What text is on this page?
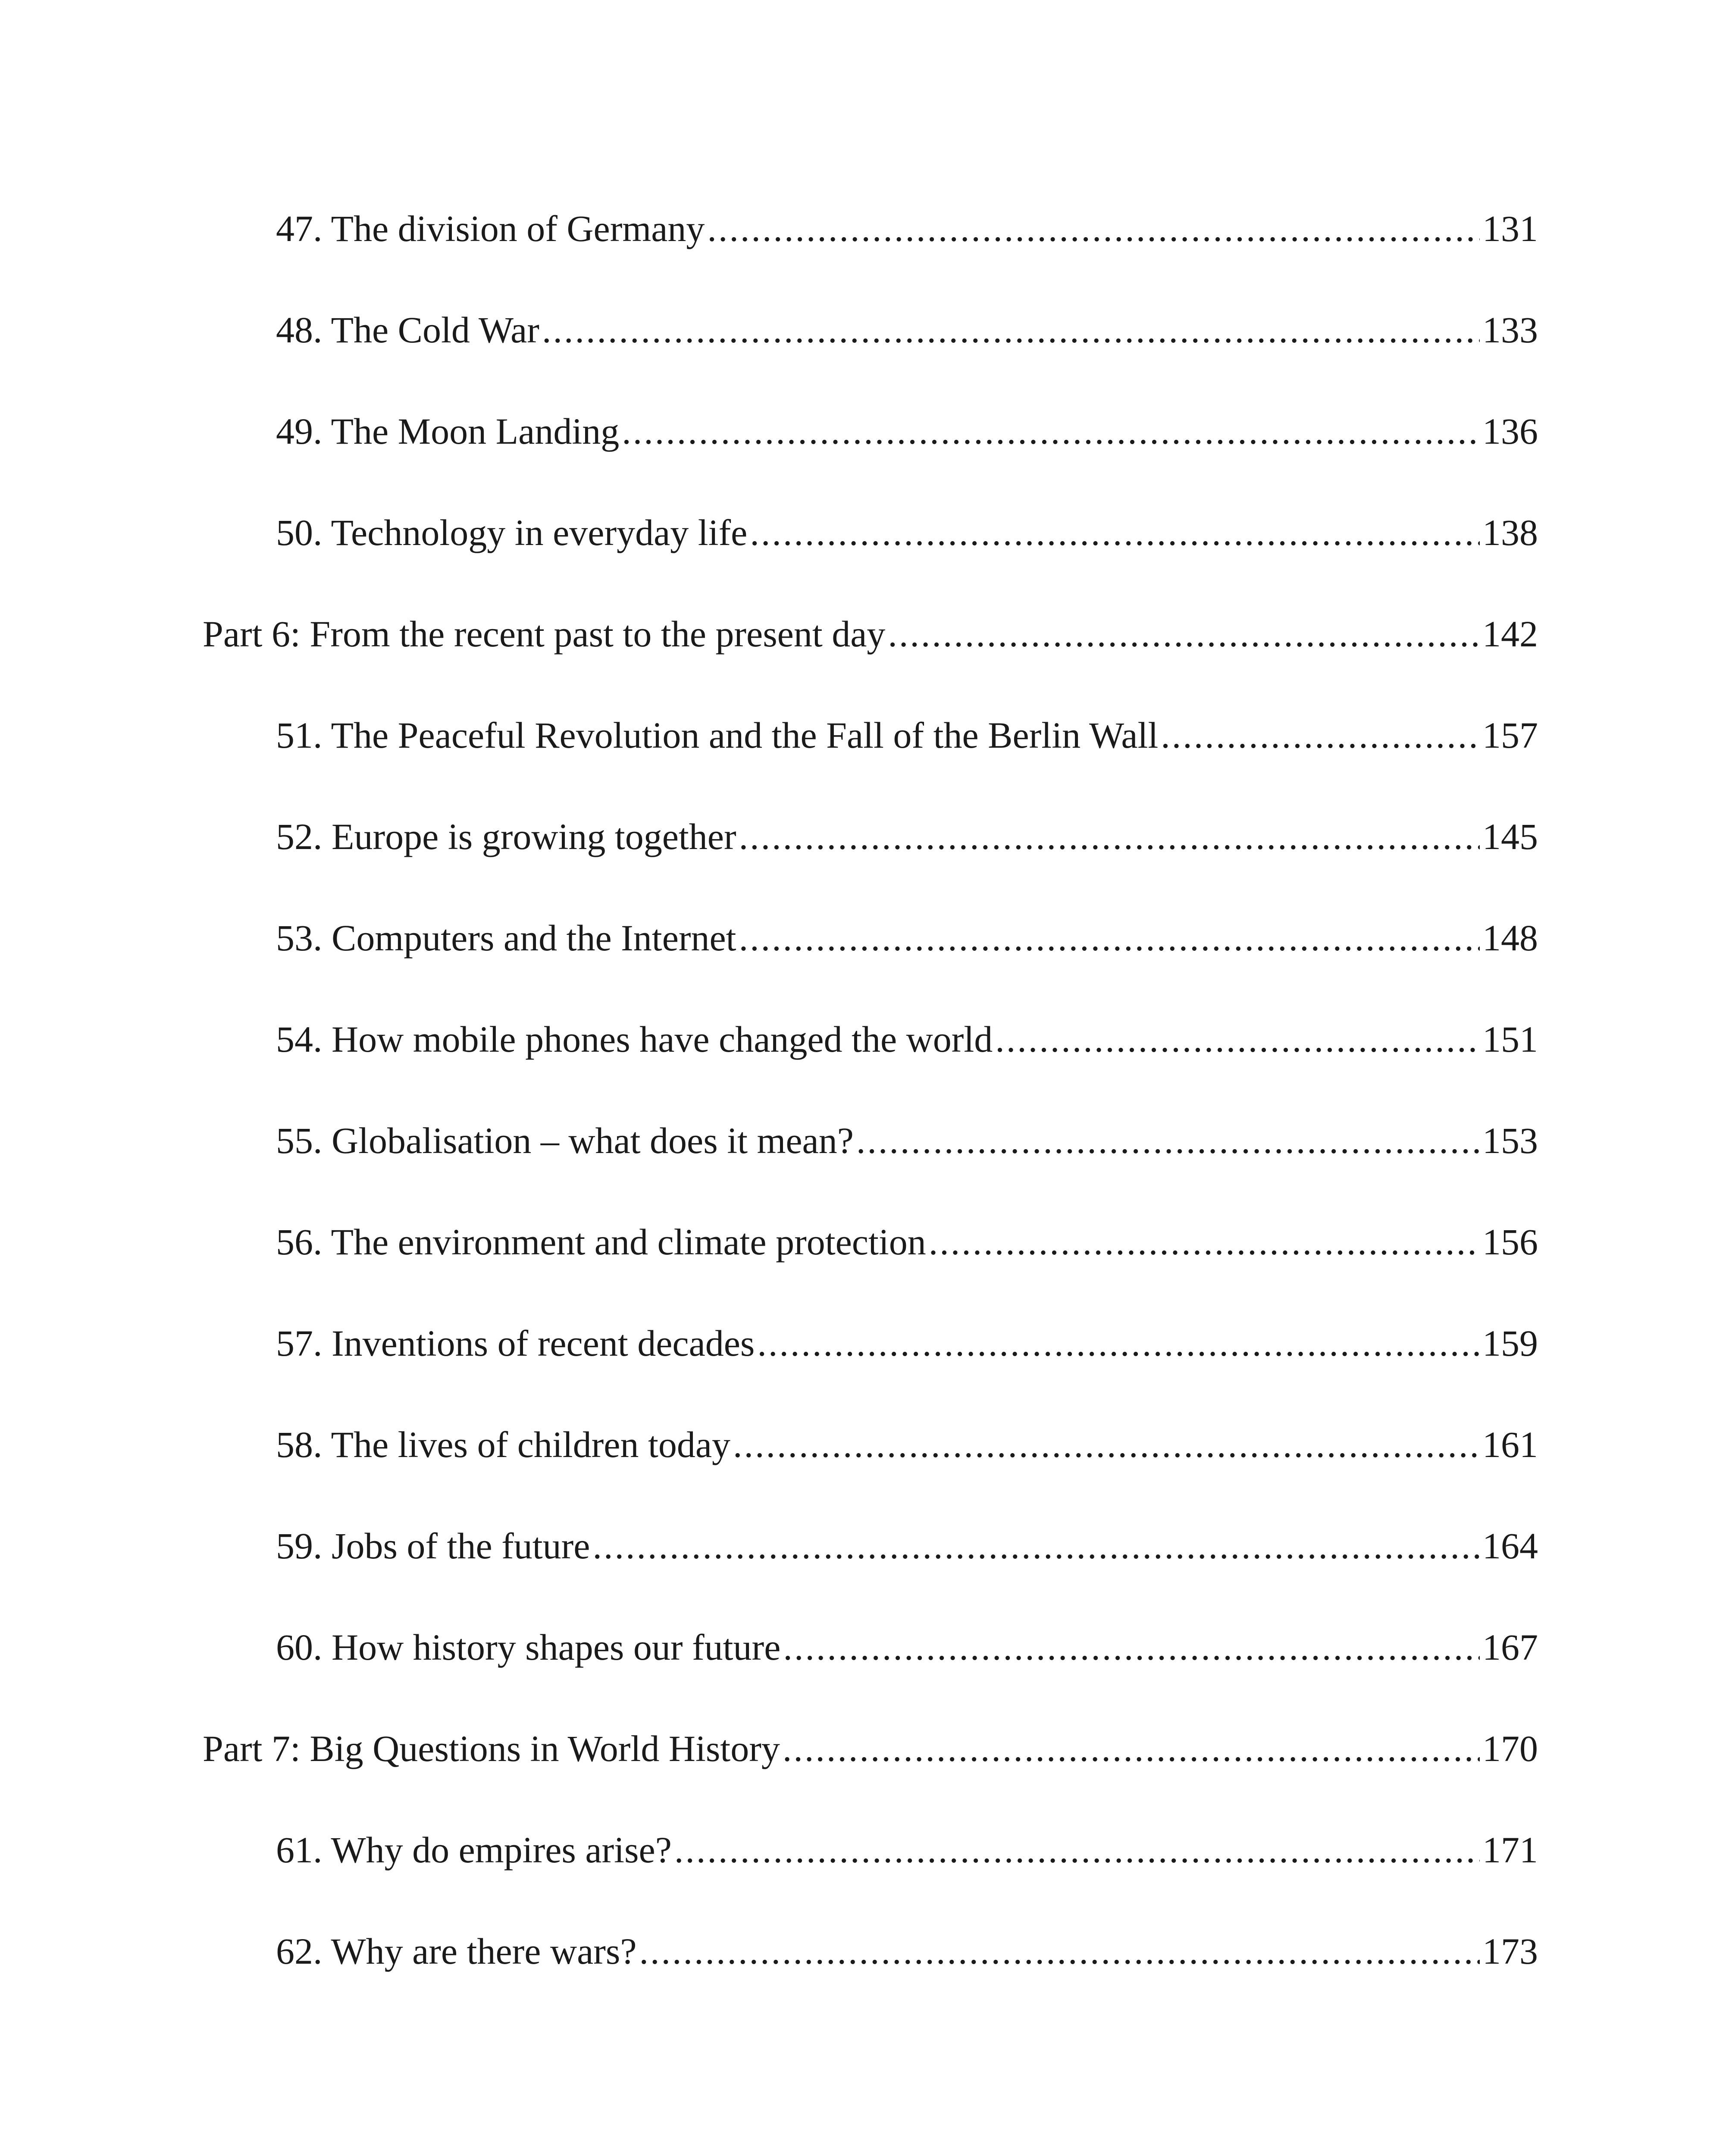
47. The division of Germany .....	131
48. The Cold War .....	133
49. The Moon Landing .....	136
50. Technology in everyday life .....	138
Part 6: From the recent past to the present day .....	142
51. The Peaceful Revolution and the Fall of the Berlin Wall .....	157
52. Europe is growing together .....	145
53. Computers and the Internet .....	148
54. How mobile phones have changed the world .....	151
55. Globalisation – what does it mean? .....	153
56. The environment and climate protection .....	156
57. Inventions of recent decades .....	159
58. The lives of children today .....	161
59. Jobs of the future .....	164
60. How history shapes our future .....	167
Part 7: Big Questions in World History .....	170
61. Why do empires arise? .....	171
62. Why are there wars? .....	173
